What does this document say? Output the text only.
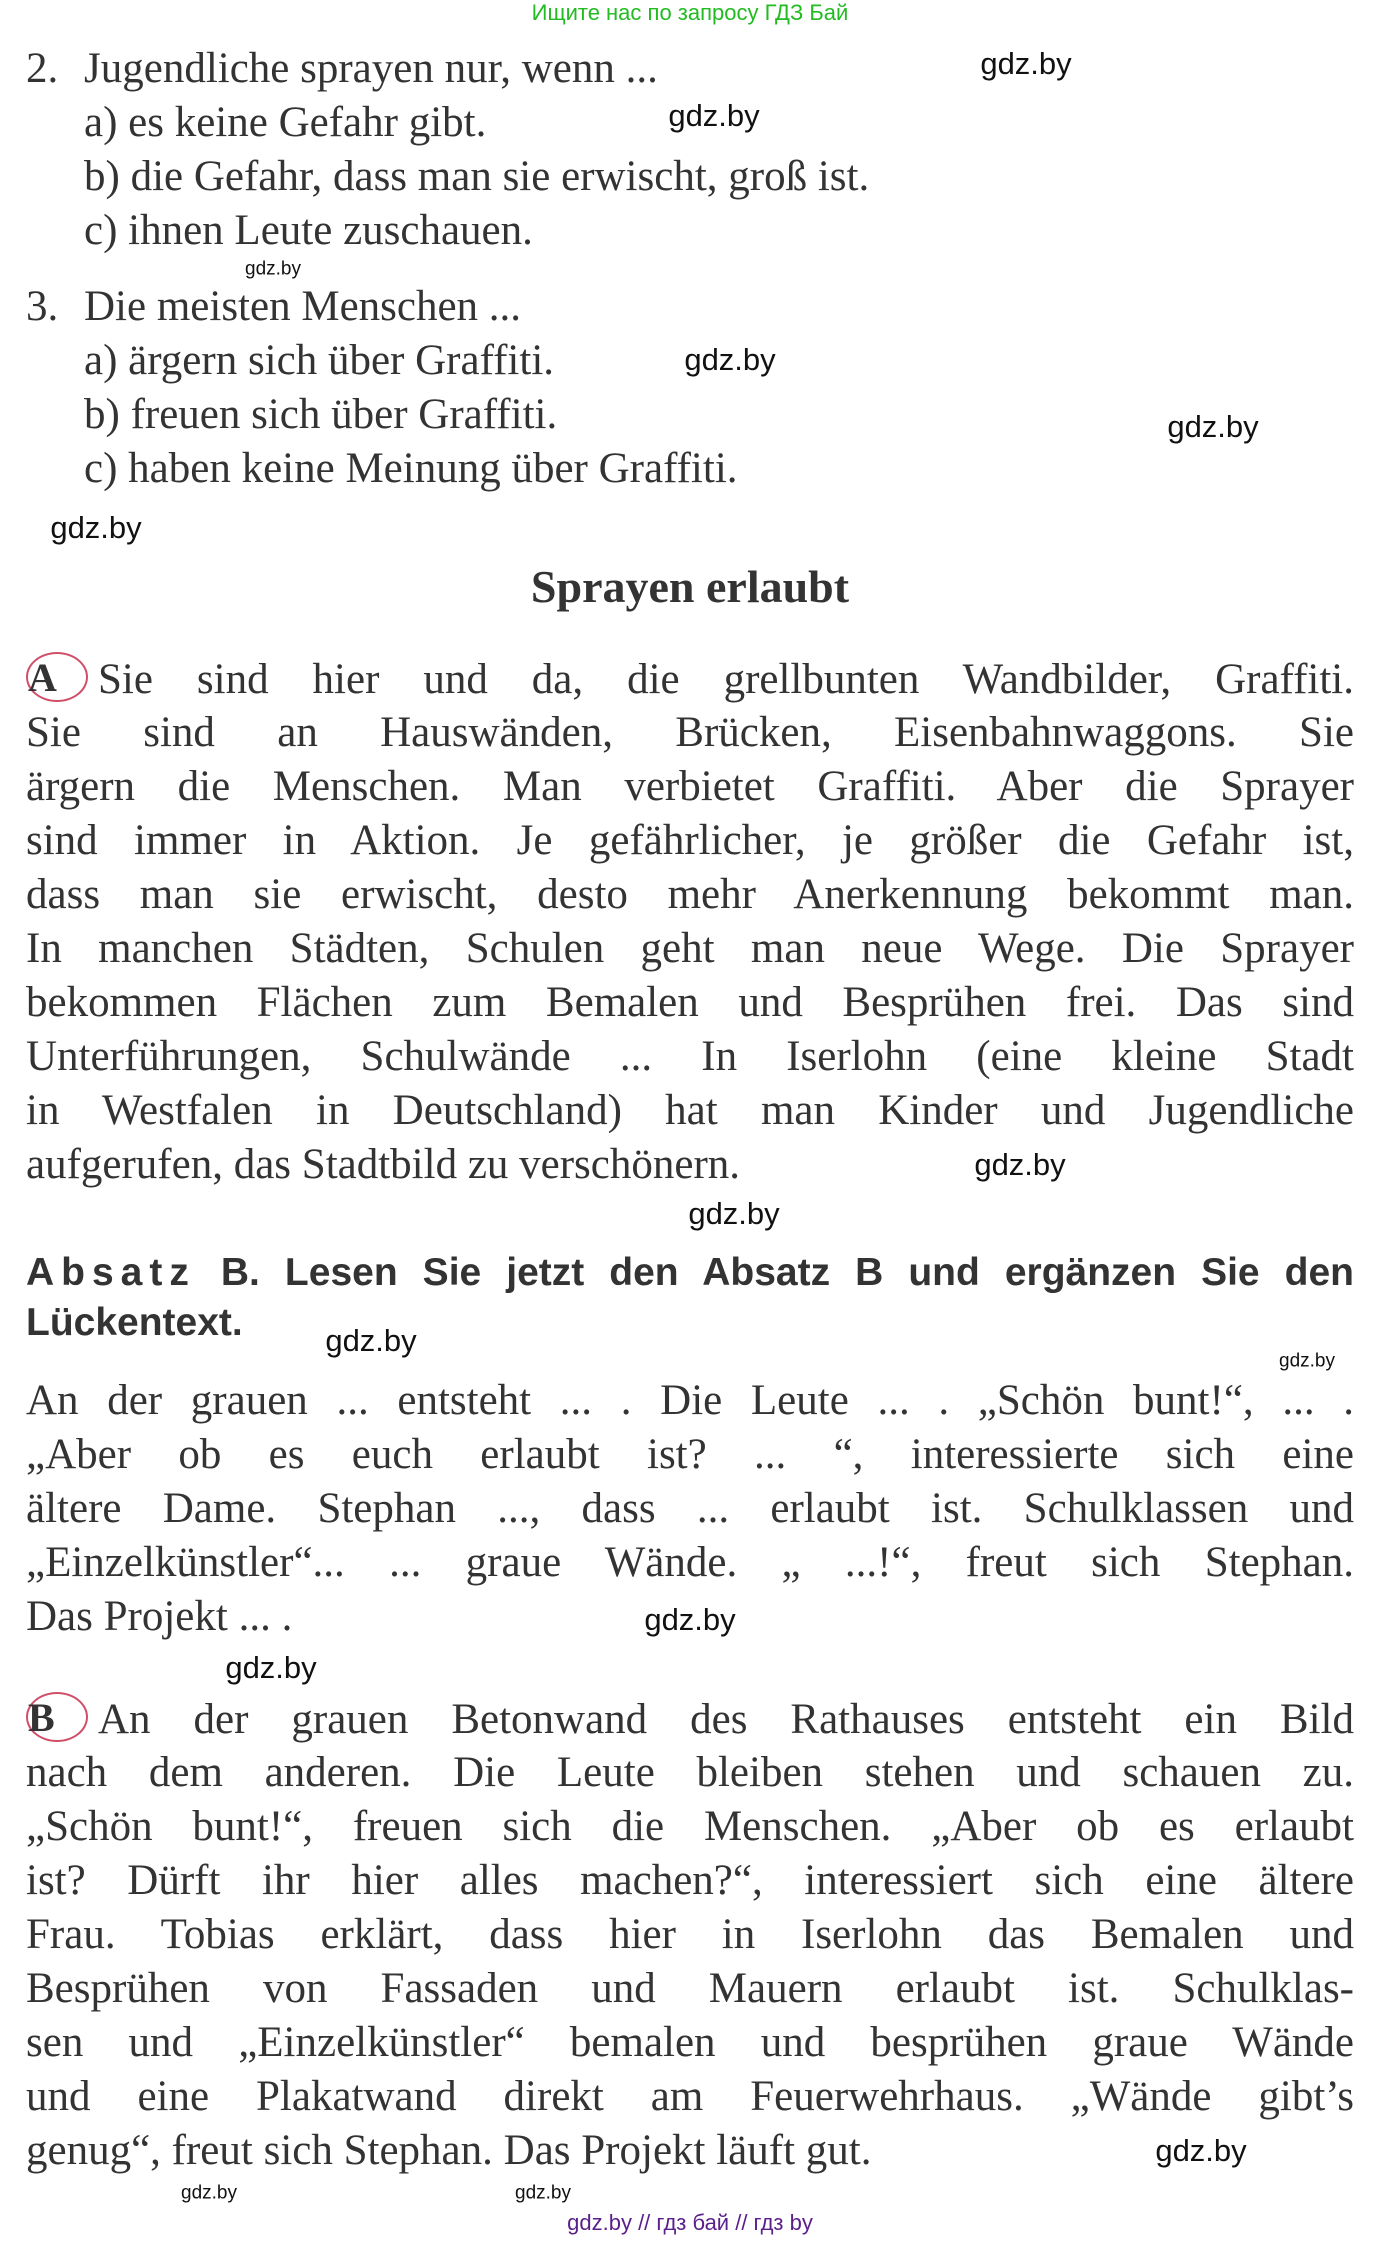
Ищите нас по запросу ГДЗ Бай
2. Jugendliche sprayen nur, wenn ...
a) es keine Gefahr gibt.
b) die Gefahr, dass man sie erwischt, groß ist.
c) ihnen Leute zuschauen.
3. Die meisten Menschen ...
a) ärgern sich über Graffiti.
b) freuen sich über Graffiti.
c) haben keine Meinung über Graffiti.
Sprayen erlaubt
A Sie sind hier und da, die grellbunten Wandbilder, Graffiti.
Sie sind an Hauswänden, Brücken, Eisenbahnwaggons. Sie
ärgern die Menschen. Man verbietet Graffiti. Aber die Sprayer
sind immer in Aktion. Je gefährlicher, je größer die Gefahr ist,
dass man sie erwischt, desto mehr Anerkennung bekommt man.
In manchen Städten, Schulen geht man neue Wege. Die Sprayer
bekommen Flächen zum Bemalen und Besprühen frei. Das sind
Unterführungen, Schulwände ... In Iserlohn (eine kleine Stadt
in Westfalen in Deutschland) hat man Kinder und Jugendliche
aufgerufen, das Stadtbild zu verschönern.
Absatz B. Lesen Sie jetzt den Absatz B und ergänzen Sie den
Lückentext.
An der grauen ... entsteht ... . Die Leute ... . „Schön bunt!“, ... .
„Aber ob es euch erlaubt ist? ... “, interessierte sich eine
ältere Dame. Stephan ..., dass ... erlaubt ist. Schulklassen und
„Einzelkünstler“... ... graue Wände. „ ...!“, freut sich Stephan.
Das Projekt ... .
B An der grauen Betonwand des Rathauses entsteht ein Bild
nach dem anderen. Die Leute bleiben stehen und schauen zu.
„Schön bunt!“, freuen sich die Menschen. „Aber ob es erlaubt
ist? Dürft ihr hier alles machen?“, interessiert sich eine ältere
Frau. Tobias erklärt, dass hier in Iserlohn das Bemalen und
Besprühen von Fassaden und Mauern erlaubt ist. Schulklas-
sen und „Einzelkünstler“ bemalen und besprühen graue Wände
und eine Plakatwand direkt am Feuerwehrhaus. „Wände gibt’s
genug“, freut sich Stephan. Das Projekt läuft gut.
gdz.by
gdz.by
gdz.by
gdz.by
gdz.by
gdz.by
gdz.by
gdz.by
gdz.by
gdz.by
gdz.by
gdz.by
gdz.by
gdz.by
gdz.by
gdz.by // гдз бай // гдз by
